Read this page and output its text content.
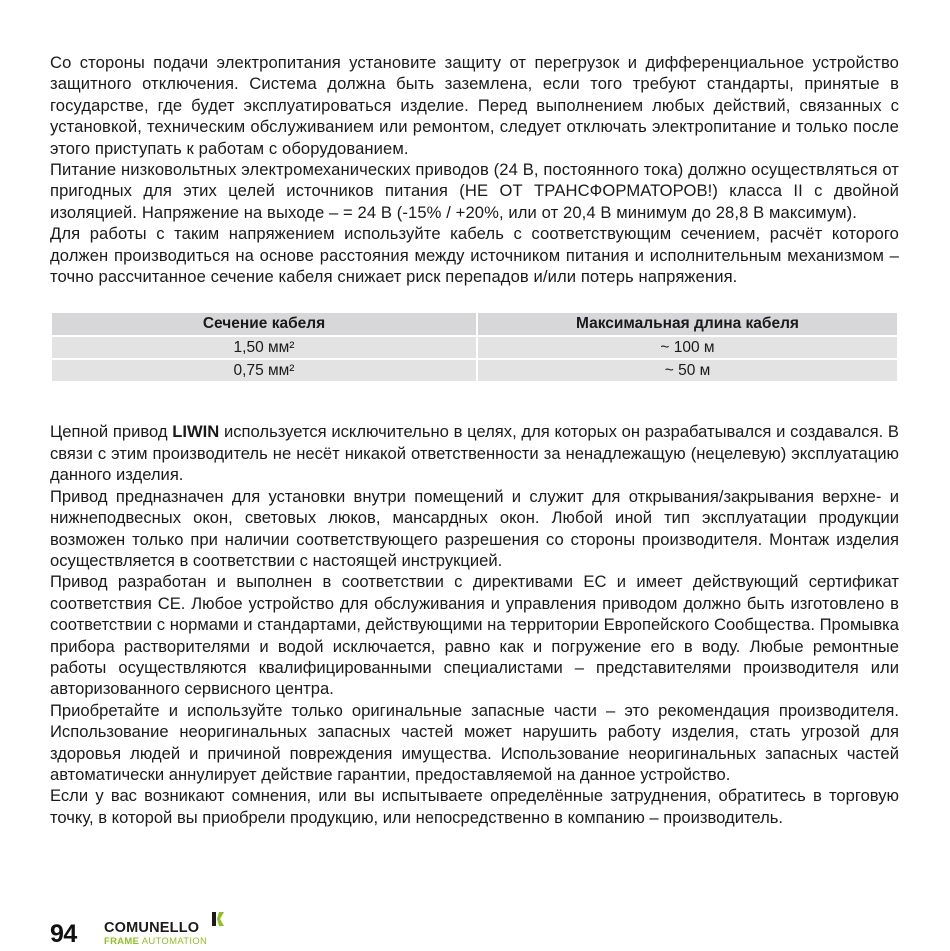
Со стороны подачи электропитания установите защиту от перегрузок и дифференциальное устройство защитного отключения. Система должна быть заземлена, если того требуют стандарты, принятые в государстве, где будет эксплуатироваться изделие. Перед выполнением любых действий, связанных с установкой, техническим обслуживанием или ремонтом, следует отключать электропитание и только после этого приступать к работам с оборудованием.

Питание низковольтных электромеханических приводов (24 В, постоянного тока) должно осуществляться от пригодных для этих целей источников питания (НЕ ОТ ТРАНСФОРМАТОРОВ!) класса II с двойной изоляцией. Напряжение на выходе – = 24 В (-15% / +20%, или от 20,4 В минимум до 28,8 В максимум).

Для работы с таким напряжением используйте кабель с соответствующим сечением, расчёт которого должен производиться на основе расстояния между источником питания и исполнительным механизмом – точно рассчитанное сечение кабеля снижает риск перепадов и/или потерь напряжения.

Сечение кабеля	Максимальная длина кабеля
1,50 мм²	~ 100 м
0,75 мм²	~ 50 м

Цепной привод LIWIN используется исключительно в целях, для которых он разрабатывался и создавался. В связи с этим производитель не несёт никакой ответственности за ненадлежащую (нецелевую) эксплуатацию данного изделия.

Привод предназначен для установки внутри помещений и служит для открывания/закрывания верхне- и нижнеподвесных окон, световых люков, мансардных окон. Любой иной тип эксплуатации продукции возможен только при наличии соответствующего разрешения со стороны производителя. Монтаж изделия осуществляется в соответствии с настоящей инструкцией.

Привод разработан и выполнен в соответствии с директивами ЕС и имеет действующий сертификат соответствия CE. Любое устройство для обслуживания и управления приводом должно быть изготовлено в соответствии с нормами и стандартами, действующими на территории Европейского Сообщества. Промывка прибора растворителями и водой исключается, равно как и погружение его в воду. Любые ремонтные работы осуществляются квалифицированными специалистами – представителями производителя или авторизованного сервисного центра.

Приобретайте и используйте только оригинальные запасные части – это рекомендация производителя. Использование неоригинальных запасных частей может нарушить работу изделия, стать угрозой для здоровья людей и причиной повреждения имущества. Использование неоригинальных запасных частей автоматически аннулирует действие гарантии, предоставляемой на данное устройство.

Если у вас возникают сомнения, или вы испытываете определённые затруднения, обратитесь в торговую точку, в которой вы приобрели продукцию, или непосредственно в компанию – производитель.

94 COMUNELLO
FRAME AUTOMATION
